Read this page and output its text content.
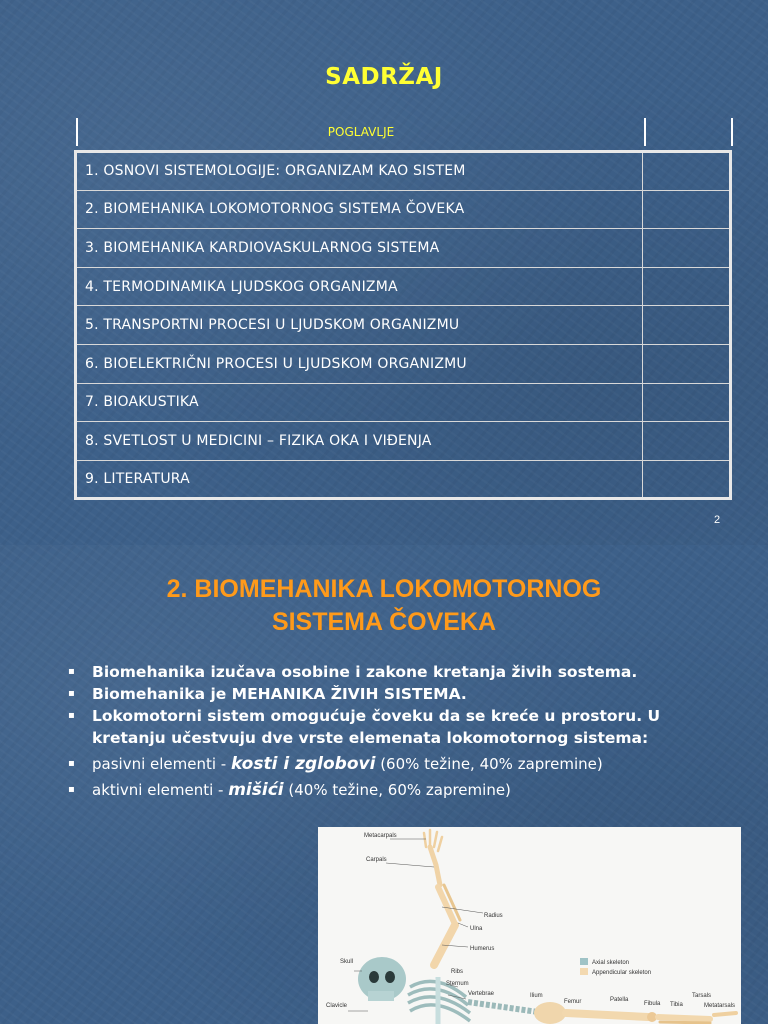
SADRŽAJ
POGLAVLJE
1. OSNOVI SISTEMOLOGIJE: ORGANIZAM KAO SISTEM	
2. BIOMEHANIKA LOKOMOTORNOG SISTEMA ČOVEKA	
3. BIOMEHANIKA KARDIOVASKULARNOG SISTEMA	
4. TERMODINAMIKA LJUDSKOG ORGANIZMA	
5. TRANSPORTNI PROCESI U LJUDSKOM ORGANIZMU	
6. BIOELEKTRIČNI PROCESI U LJUDSKOM ORGANIZMU	
7. BIOAKUSTIKA	
8. SVETLOST U MEDICINI – FIZIKA OKA I VIĐENJA	
9. LITERATURA	
2
2. BIOMEHANIKA LOKOMOTORNOG
SISTEMA ČOVEKA
▪ Biomehanika izučava osobine i zakone kretanja živih sostema.
▪ Biomehanika je MEHANIKA ŽIVIH SISTEMA.
▪ Lokomotorni sistem omogućuje čoveku da se kreće u prostoru. U kretanju učestvuju dve vrste elemenata lokomotornog sistema:
▪ pasivni elementi - kosti i zglobovi (60% težine, 40% zapremine)
▪ aktivni elementi - mišići (40% težine, 60% zapremine)
Axial skeleton
Appendicular skeleton
Metacarpals
Carpals
Radius
Ulna
Humerus
Skull
Ribs
Sternum
Vertebrae	Ilium
Clavicle
Femur	Patella
Fibula Tibia
Tarsals
Metatarsals
